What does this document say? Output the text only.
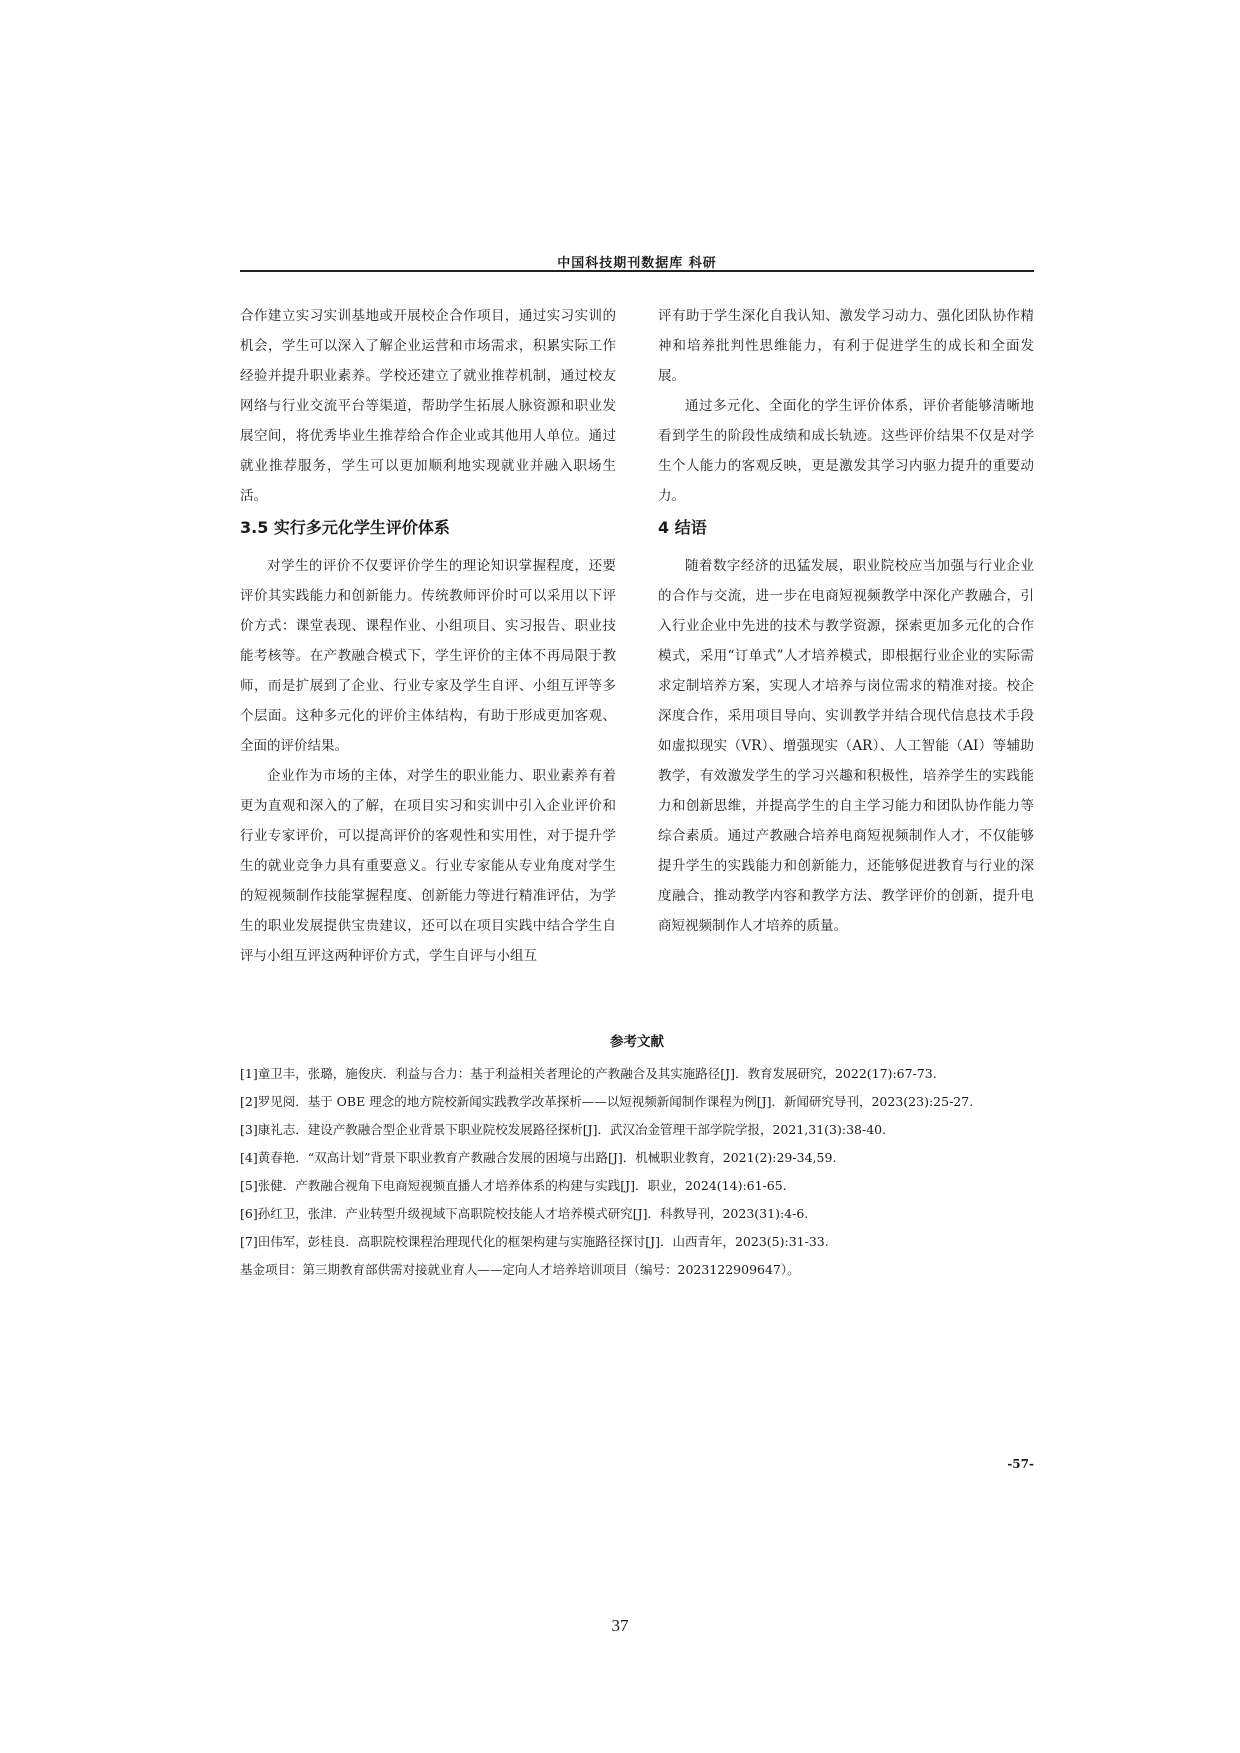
中国科技期刊数据库 科研

合作建立实习实训基地或开展校企合作项目，通过实习实训的机会，学生可以深入了解企业运营和市场需求，积累实际工作经验并提升职业素养。学校还建立了就业推荐机制，通过校友网络与行业交流平台等渠道，帮助学生拓展人脉资源和职业发展空间，将优秀毕业生推荐给合作企业或其他用人单位。通过就业推荐服务，学生可以更加顺利地实现就业并融入职场生活。

3.5 实行多元化学生评价体系

对学生的评价不仅要评价学生的理论知识掌握程度，还要评价其实践能力和创新能力。传统教师评价时可以采用以下评价方式：课堂表现、课程作业、小组项目、实习报告、职业技能考核等。在产教融合模式下，学生评价的主体不再局限于教师，而是扩展到了企业、行业专家及学生自评、小组互评等多个层面。这种多元化的评价主体结构，有助于形成更加客观、全面的评价结果。

企业作为市场的主体，对学生的职业能力、职业素养有着更为直观和深入的了解，在项目实习和实训中引入企业评价和行业专家评价，可以提高评价的客观性和实用性，对于提升学生的就业竞争力具有重要意义。行业专家能从专业角度对学生的短视频制作技能掌握程度、创新能力等进行精准评估，为学生的职业发展提供宝贵建议，还可以在项目实践中结合学生自评与小组互评这两种评价方式，学生自评与小组互

评有助于学生深化自我认知、激发学习动力、强化团队协作精神和培养批判性思维能力，有利于促进学生的成长和全面发展。

通过多元化、全面化的学生评价体系，评价者能够清晰地看到学生的阶段性成绩和成长轨迹。这些评价结果不仅是对学生个人能力的客观反映，更是激发其学习内驱力提升的重要动力。

4 结语

随着数字经济的迅猛发展，职业院校应当加强与行业企业的合作与交流，进一步在电商短视频教学中深化产教融合，引入行业企业中先进的技术与教学资源，探索更加多元化的合作模式，采用“订单式”人才培养模式，即根据行业企业的实际需求定制培养方案，实现人才培养与岗位需求的精准对接。校企深度合作，采用项目导向、实训教学并结合现代信息技术手段如虚拟现实（VR）、增强现实（AR）、人工智能（AI）等辅助教学，有效激发学生的学习兴趣和积极性，培养学生的实践能力和创新思维，并提高学生的自主学习能力和团队协作能力等综合素质。通过产教融合培养电商短视频制作人才，不仅能够提升学生的实践能力和创新能力，还能够促进教育与行业的深度融合，推动教学内容和教学方法、教学评价的创新，提升电商短视频制作人才培养的质量。

参考文献

[1]童卫丰，张璐，施俊庆．利益与合力：基于利益相关者理论的产教融合及其实施路径[J]．教育发展研究，2022(17):67-73.

[2]罗见阅．基于 OBE 理念的地方院校新闻实践教学改革探析——以短视频新闻制作课程为例[J]．新闻研究导刊，2023(23):25-27.

[3]康礼志．建设产教融合型企业背景下职业院校发展路径探析[J]．武汉冶金管理干部学院学报，2021,31(3):38-40.

[4]黄春艳．“双高计划”背景下职业教育产教融合发展的困境与出路[J]．机械职业教育，2021(2):29-34,59.

[5]张健．产教融合视角下电商短视频直播人才培养体系的构建与实践[J]．职业，2024(14):61-65.

[6]孙红卫，张津．产业转型升级视域下高职院校技能人才培养模式研究[J]．科教导刊，2023(31):4-6.

[7]田伟军，彭桂良．高职院校课程治理现代化的框架构建与实施路径探讨[J]．山西青年，2023(5):31-33.

基金项目：第三期教育部供需对接就业育人——定向人才培养培训项目（编号：2023122909647）。

-57-
37
